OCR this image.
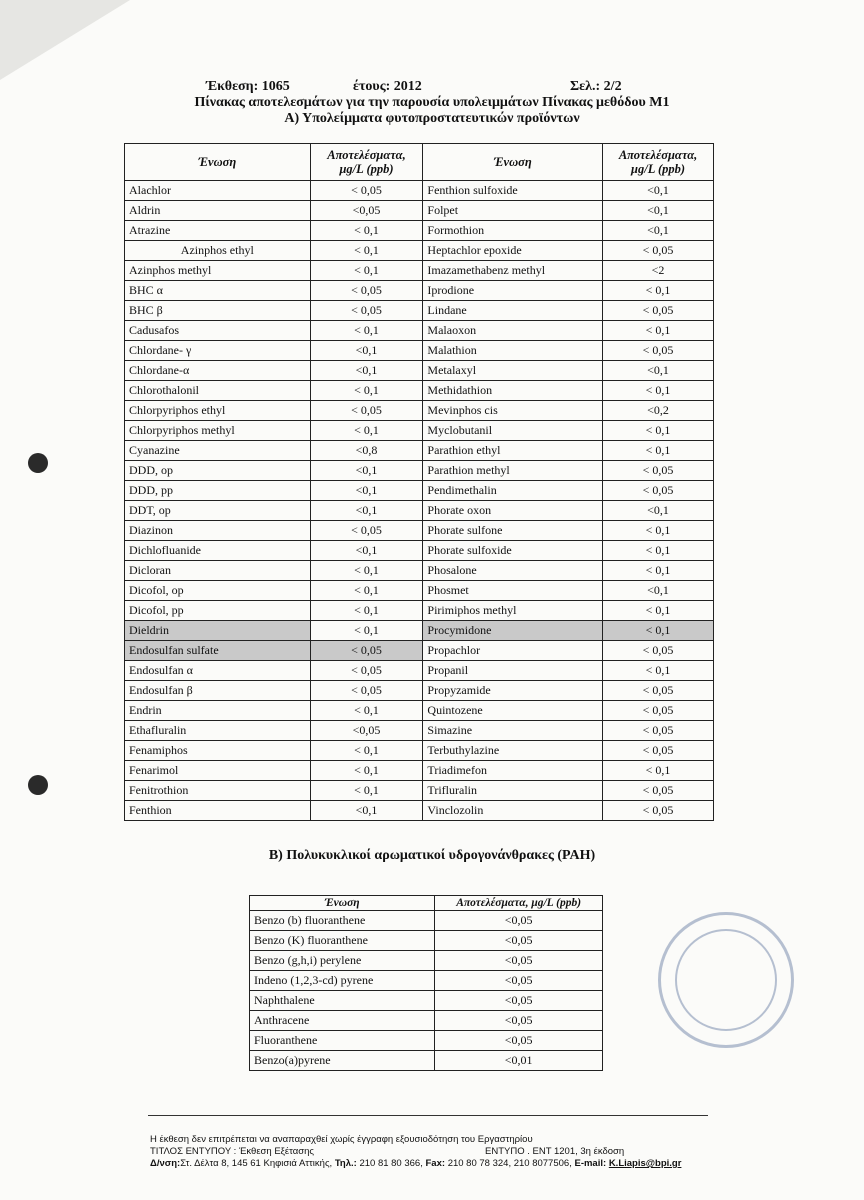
Έκθεση: 1065	έτους: 2012	Σελ.: 2/2
Πίνακας αποτελεσμάτων για την παρουσία υπολειμμάτων Πίνακας μεθόδου Μ1
Α) Υπολείμματα φυτοπροστατευτικών προϊόντων
Ένωση	Αποτελέσματα, μg/L (ppb)	Ένωση	Αποτελέσματα, μg/L (ppb)
Alachlor	< 0,05	Fenthion sulfoxide	<0,1
Aldrin	<0,05	Folpet	<0,1
Atrazine	< 0,1	Formothion	<0,1
Azinphos ethyl	< 0,1	Heptachlor epoxide	< 0,05
Azinphos methyl	< 0,1	Imazamethabenz methyl	<2
BHC α	< 0,05	Iprodione	< 0,1
BHC β	< 0,05	Lindane	< 0,05
Cadusafos	< 0,1	Malaoxon	< 0,1
Chlordane- γ	<0,1	Malathion	< 0,05
Chlordane-α	<0,1	Metalaxyl	<0,1
Chlorothalonil	< 0,1	Methidathion	< 0,1
Chlorpyriphos ethyl	< 0,05	Mevinphos cis	<0,2
Chlorpyriphos methyl	< 0,1	Myclobutanil	< 0,1
Cyanazine	<0,8	Parathion ethyl	< 0,1
DDD, op	<0,1	Parathion methyl	< 0,05
DDD, pp	<0,1	Pendimethalin	< 0,05
DDT, op	<0,1	Phorate oxon	<0,1
Diazinon	< 0,05	Phorate sulfone	< 0,1
Dichlofluanide	<0,1	Phorate sulfoxide	< 0,1
Dicloran	< 0,1	Phosalone	< 0,1
Dicofol, op	< 0,1	Phosmet	<0,1
Dicofol, pp	< 0,1	Pirimiphos methyl	< 0,1
Dieldrin	< 0,1	Procymidone	< 0,1
Endosulfan sulfate	< 0,05	Propachlor	< 0,05
Endosulfan α	< 0,05	Propanil	< 0,1
Endosulfan β	< 0,05	Propyzamide	< 0,05
Endrin	< 0,1	Quintozene	< 0,05
Ethafluralin	<0,05	Simazine	< 0,05
Fenamiphos	< 0,1	Terbuthylazine	< 0,05
Fenarimol	< 0,1	Triadimefon	< 0,1
Fenitrothion	< 0,1	Trifluralin	< 0,05
Fenthion	<0,1	Vinclozolin	< 0,05
Β) Πολυκυκλικοί αρωματικοί υδρογονάνθρακες (PAH)
Ένωση	Αποτελέσματα, μg/L (ppb)
Benzo (b) fluoranthene	<0,05
Benzo (K) fluoranthene	<0,05
Benzo (g,h,i) perylene	<0,05
Indeno (1,2,3-cd) pyrene	<0,05
Naphthalene	<0,05
Anthracene	<0,05
Fluoranthene	<0,05
Benzo(a)pyrene	<0,01
Η έκθεση δεν επιτρέπεται να αναπαραχθεί χωρίς έγγραφη εξουσιοδότηση του Εργαστηρίου
ΤΙΤΛΟΣ ΕΝΤΥΠΟΥ : Έκθεση Εξέτασης	ΕΝΤΥΠΟ . ΕΝΤ 1201, 3η έκδοση
Δ/νση:Στ. Δέλτα 8, 145 61 Κηφισιά Αττικής, Τηλ.: 210 81 80 366, Fax: 210 80 78 324, 210 8077506, E-mail: K.Liapis@bpi.gr
